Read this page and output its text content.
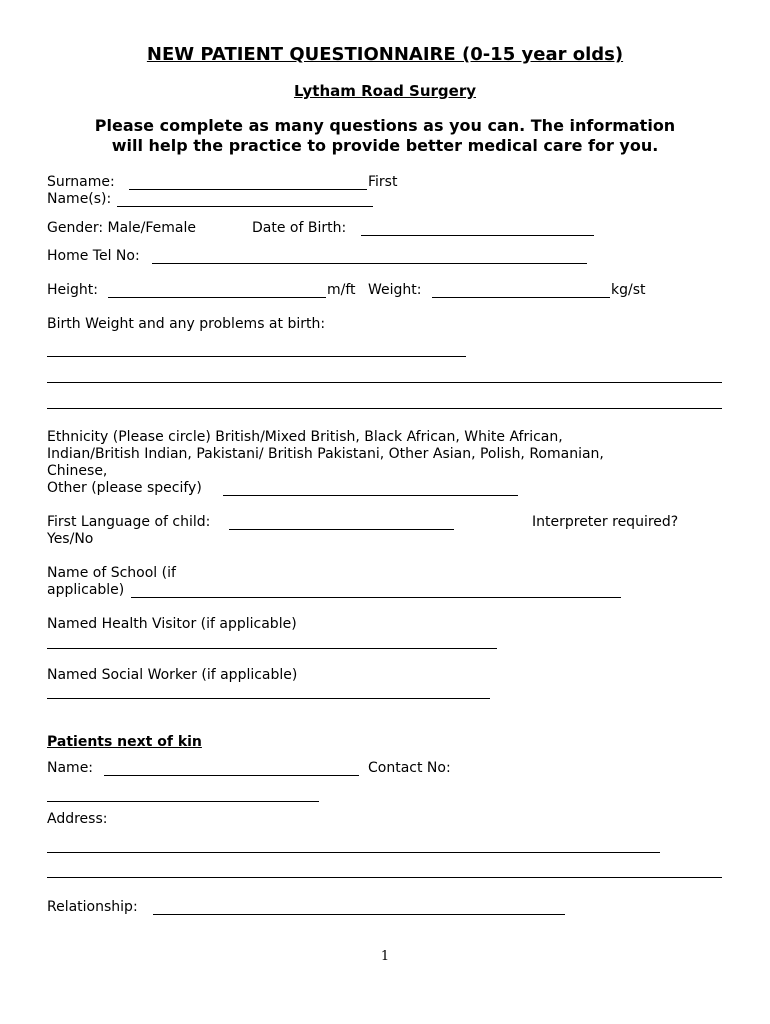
NEW PATIENT QUESTIONNAIRE (0-15 year olds)
Lytham Road Surgery
Please complete as many questions as you can. The information
will help the practice to provide better medical care for you.
Surname:	First
Name(s):
Gender: Male/Female	Date of Birth:
Home Tel No:
Height:	m/ft Weight:	kg/st
Birth Weight and any problems at birth:
Ethnicity (Please circle) British/Mixed British, Black African, White African,
Indian/British Indian, Pakistani/ British Pakistani, Other Asian, Polish, Romanian,
Chinese,
Other (please specify)
First Language of child:	Interpreter required?
Yes/No
Name of School (if
applicable)
Named Health Visitor (if applicable)
Named Social Worker (if applicable)
Patients next of kin
Name:	Contact No:
Address:
Relationship:
1
